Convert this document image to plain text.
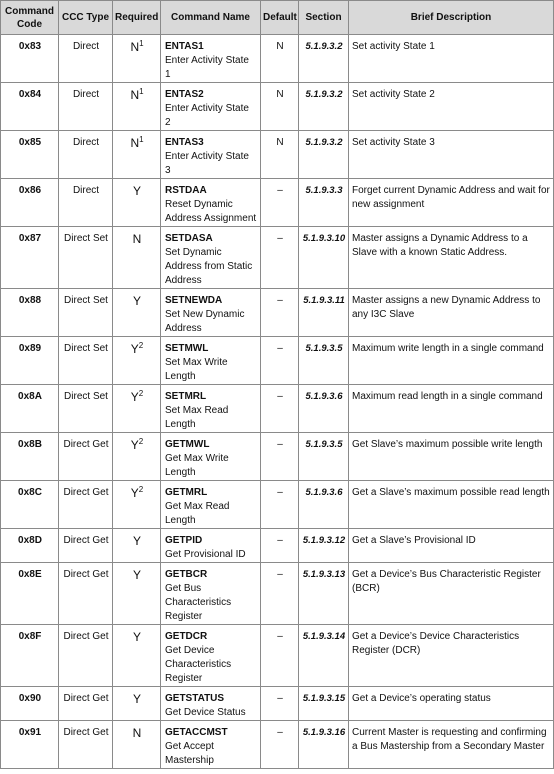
Command Code	CCC Type	Required	Command Name	Default	Section	Brief Description
0x83	Direct	$N^1$	ENTAS1
Enter Activity State 1	N	5.1.9.3.2	Set activity State 1
0x84	Direct	$N^1$	ENTAS2
Enter Activity State 2	N	5.1.9.3.2	Set activity State 2
0x85	Direct	$N^1$	ENTAS3
Enter Activity State 3	N	5.1.9.3.2	Set activity State 3
0x86	Direct	Y	RSTDAA
Reset Dynamic Address Assignment	–	5.1.9.3.3	Forget current Dynamic Address and wait for new assignment
0x87	Direct Set	N	SETDASA
Set Dynamic Address from Static Address	–	5.1.9.3.10	Master assigns a Dynamic Address to a Slave with a known Static Address.
0x88	Direct Set	Y	SETNEWDA
Set New Dynamic Address	–	5.1.9.3.11	Master assigns a new Dynamic Address to any I3C Slave
0x89	Direct Set	$Y^2$	SETMWL
Set Max Write Length	–	5.1.9.3.5	Maximum write length in a single command
0x8A	Direct Set	$Y^2$	SETMRL
Set Max Read Length	–	5.1.9.3.6	Maximum read length in a single command
0x8B	Direct Get	$Y^2$	GETMWL
Get Max Write Length	–	5.1.9.3.5	Get Slave’s maximum possible write length
0x8C	Direct Get	$Y^2$	GETMRL
Get Max Read Length	–	5.1.9.3.6	Get a Slave’s maximum possible read length
0x8D	Direct Get	Y	GETPID
Get Provisional ID	–	5.1.9.3.12	Get a Slave’s Provisional ID
0x8E	Direct Get	Y	GETBCR
Get Bus Characteristics Register	–	5.1.9.3.13	Get a Device’s Bus Characteristic Register (BCR)
0x8F	Direct Get	Y	GETDCR
Get Device Characteristics Register	–	5.1.9.3.14	Get a Device’s Device Characteristics Register (DCR)
0x90	Direct Get	Y	GETSTATUS
Get Device Status	–	5.1.9.3.15	Get a Device’s operating status
0x91	Direct Get	N	GETACCMST
Get Accept Mastership	–	5.1.9.3.16	Current Master is requesting and confirming a Bus Mastership from a Secondary Master
